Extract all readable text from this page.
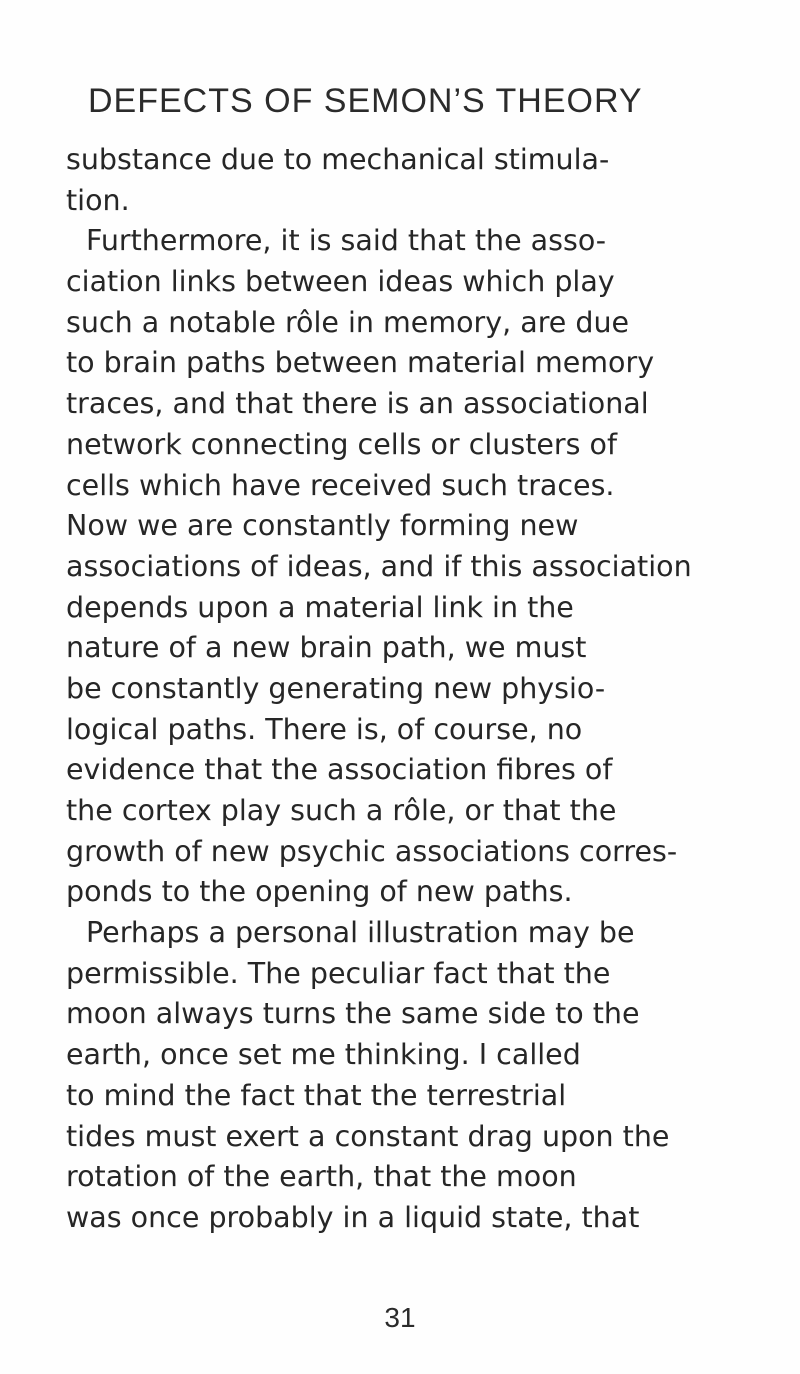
DEFECTS OF SEMON’S THEORY
substance due to mechanical stimula-
tion.
Furthermore, it is said that the asso-
ciation links between ideas which play
such a notable rôle in memory, are due
to brain paths between material memory
traces, and that there is an associational
network connecting cells or clusters of
cells which have received such traces.
Now we are constantly forming new
associations of ideas, and if this association
depends upon a material link in the
nature of a new brain path, we must
be constantly generating new physio-
logical paths. There is, of course, no
evidence that the association fibres of
the cortex play such a rôle, or that the
growth of new psychic associations corres-
ponds to the opening of new paths.
Perhaps a personal illustration may be
permissible. The peculiar fact that the
moon always turns the same side to the
earth, once set me thinking. I called
to mind the fact that the terrestrial
tides must exert a constant drag upon the
rotation of the earth, that the moon
was once probably in a liquid state, that
31
